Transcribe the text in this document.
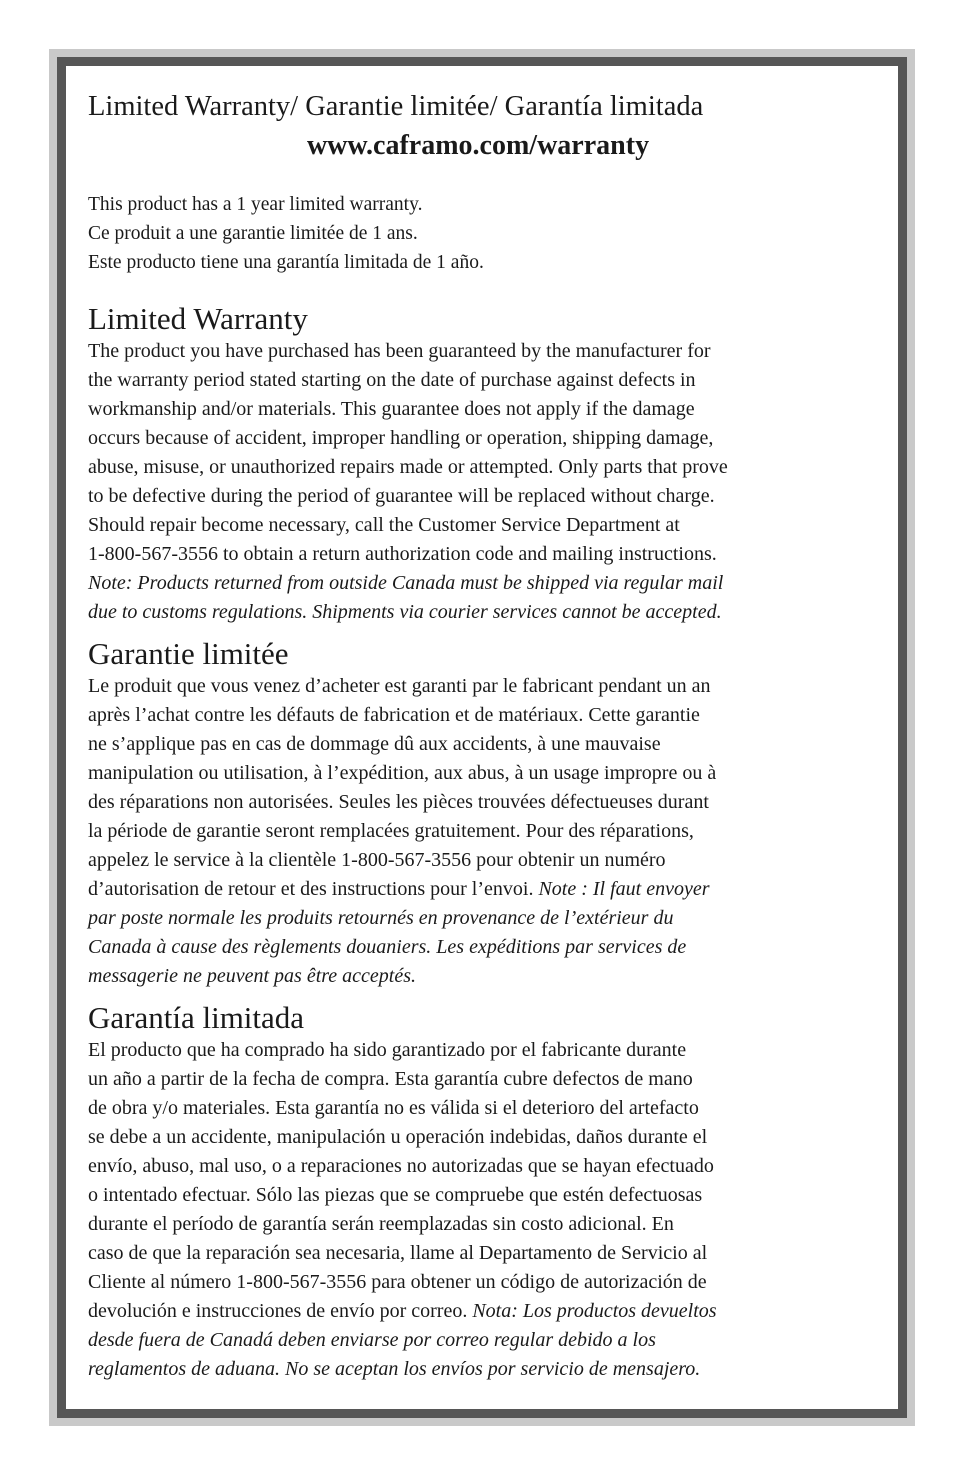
Limited Warranty/ Garantie limitée/ Garantía limitada

www.caframo.com/warranty

This product has a 1 year limited warranty.

Ce produit a une garantie limitée de 1 ans.

Este producto tiene una garantía limitada de 1 año.

Limited Warranty
The product you have purchased has been guaranteed by the manufacturer for
the warranty period stated starting on the date of purchase against defects in
workmanship and/or materials. This guarantee does not apply if the damage
occurs because of accident, improper handling or operation, shipping damage,
abuse, misuse, or unauthorized repairs made or attempted. Only parts that prove
to be defective during the period of guarantee will be replaced without charge.
Should repair become necessary, call the Customer Service Department at
1-800-567-3556 to obtain a return authorization code and mailing instructions.
Note: Products returned from outside Canada must be shipped via regular mail
due to customs regulations. Shipments via courier services cannot be accepted.
Garantie limitée
Le produit que vous venez d’acheter est garanti par le fabricant pendant un an
après l’achat contre les défauts de fabrication et de matériaux. Cette garantie
ne s’applique pas en cas de dommage dû aux accidents, à une mauvaise
manipulation ou utilisation, à l’expédition, aux abus, à un usage impropre ou à
des réparations non autorisées. Seules les pièces trouvées défectueuses durant
la période de garantie seront remplacées gratuitement. Pour des réparations,
appelez le service à la clientèle 1-800-567-3556 pour obtenir un numéro
d’autorisation de retour et des instructions pour l’envoi. Note : Il faut envoyer
par poste normale les produits retournés en provenance de l’extérieur du
Canada à cause des règlements douaniers. Les expéditions par services de
messagerie ne peuvent pas être acceptés.
Garantía limitada
El producto que ha comprado ha sido garantizado por el fabricante durante
un año a partir de la fecha de compra. Esta garantía cubre defectos de mano
de obra y/o materiales. Esta garantía no es válida si el deterioro del artefacto
se debe a un accidente, manipulación u operación indebidas, daños durante el
envío, abuso, mal uso, o a reparaciones no autorizadas que se hayan efectuado
o intentado efectuar. Sólo las piezas que se compruebe que estén defectuosas
durante el período de garantía serán reemplazadas sin costo adicional. En
caso de que la reparación sea necesaria, llame al Departamento de Servicio al
Cliente al número 1-800-567-3556 para obtener un código de autorización de
devolución e instrucciones de envío por correo. Nota: Los productos devueltos
desde fuera de Canadá deben enviarse por correo regular debido a los
reglamentos de aduana. No se aceptan los envíos por servicio de mensajero.
